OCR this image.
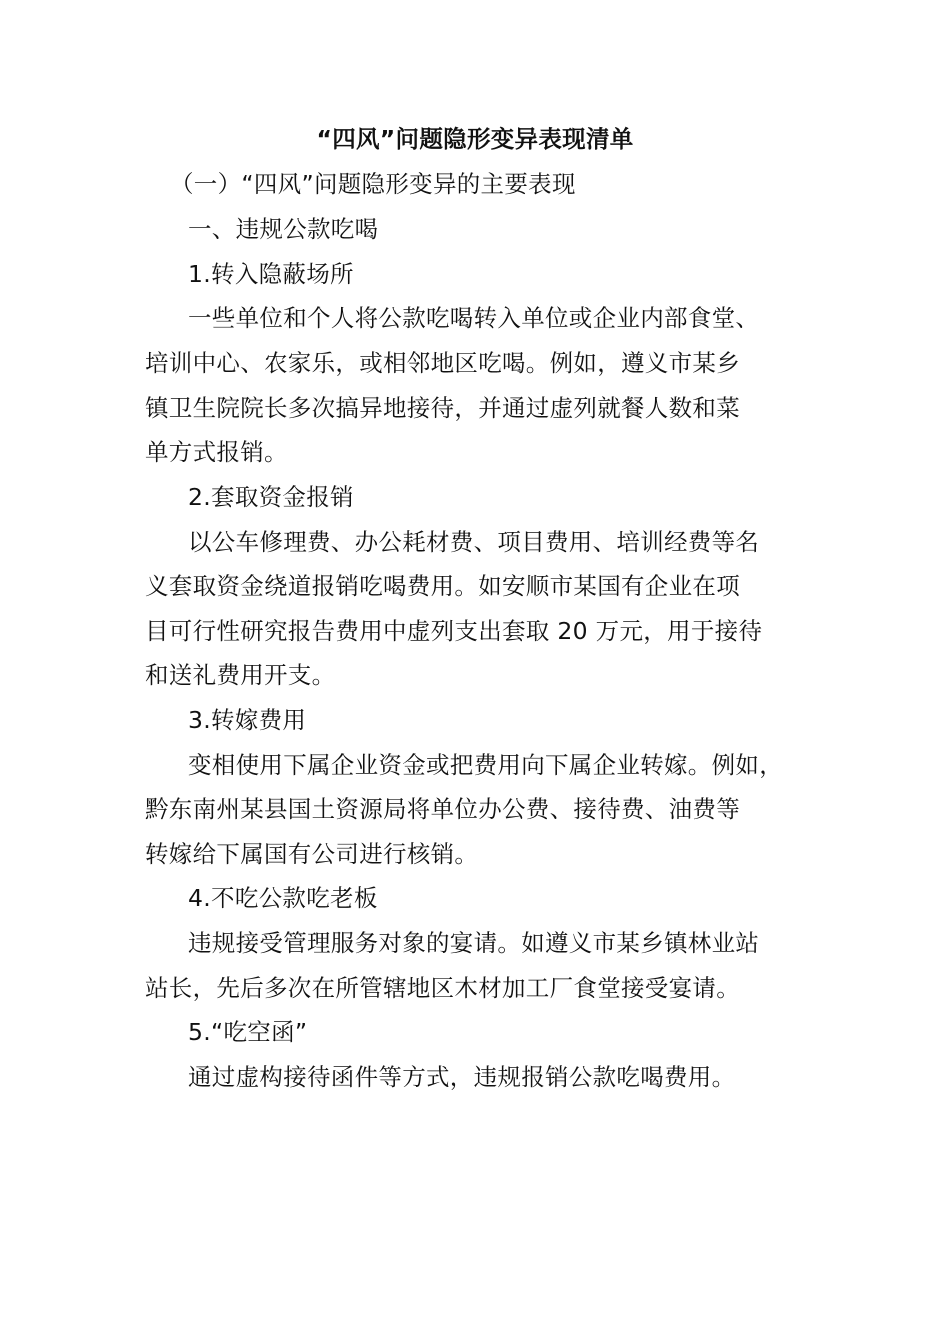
“四风”问题隐形变异表现清单
（一）“四风”问题隐形变异的主要表现
一、违规公款吃喝
1.转入隐蔽场所
一些单位和个人将公款吃喝转入单位或企业内部食堂、
培训中心、农家乐，或相邻地区吃喝。例如，遵义市某乡
镇卫生院院长多次搞异地接待，并通过虚列就餐人数和菜
单方式报销。
2.套取资金报销
以公车修理费、办公耗材费、项目费用、培训经费等名
义套取资金绕道报销吃喝费用。如安顺市某国有企业在项
目可行性研究报告费用中虚列支出套取 20 万元，用于接待
和送礼费用开支。
3.转嫁费用
变相使用下属企业资金或把费用向下属企业转嫁。例如，
黔东南州某县国土资源局将单位办公费、接待费、油费等
转嫁给下属国有公司进行核销。
4.不吃公款吃老板
违规接受管理服务对象的宴请。如遵义市某乡镇林业站
站长，先后多次在所管辖地区木材加工厂食堂接受宴请。
5.“吃空函”
通过虚构接待函件等方式，违规报销公款吃喝费用。
